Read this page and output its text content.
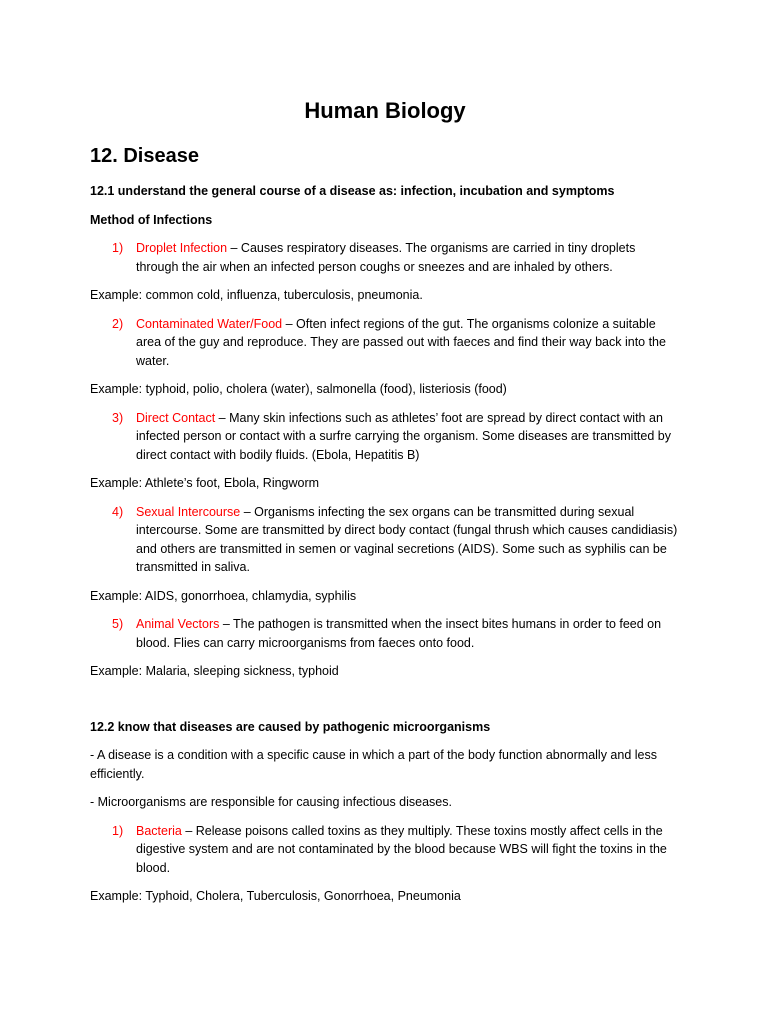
Human Biology
12. Disease
12.1 understand the general course of a disease as: infection, incubation and symptoms
Method of Infections
1) Droplet Infection – Causes respiratory diseases. The organisms are carried in tiny droplets through the air when an infected person coughs or sneezes and are inhaled by others.

Example: common cold, influenza, tuberculosis, pneumonia.

2) Contaminated Water/Food – Often infect regions of the gut. The organisms colonize a suitable area of the guy and reproduce. They are passed out with faeces and find their way back into the water.

Example: typhoid, polio, cholera (water), salmonella (food), listeriosis (food)

3) Direct Contact – Many skin infections such as athletes’ foot are spread by direct contact with an infected person or contact with a surfre carrying the organism. Some diseases are transmitted by direct contact with bodily fluids. (Ebola, Hepatitis B)

Example: Athlete’s foot, Ebola, Ringworm

4) Sexual Intercourse – Organisms infecting the sex organs can be transmitted during sexual intercourse. Some are transmitted by direct body contact (fungal thrush which causes candidiasis) and others are transmitted in semen or vaginal secretions (AIDS). Some such as syphilis can be transmitted in saliva.

Example: AIDS, gonorrhoea, chlamydia, syphilis

5) Animal Vectors – The pathogen is transmitted when the insect bites humans in order to feed on blood. Flies can carry microorganisms from faeces onto food.

Example: Malaria, sleeping sickness, typhoid

12.2 know that diseases are caused by pathogenic microorganisms

- A disease is a condition with a specific cause in which a part of the body function abnormally and less efficiently.

- Microorganisms are responsible for causing infectious diseases.

1) Bacteria – Release poisons called toxins as they multiply. These toxins mostly affect cells in the digestive system and are not contaminated by the blood because WBS will fight the toxins in the blood.

Example: Typhoid, Cholera, Tuberculosis, Gonorrhoea, Pneumonia
